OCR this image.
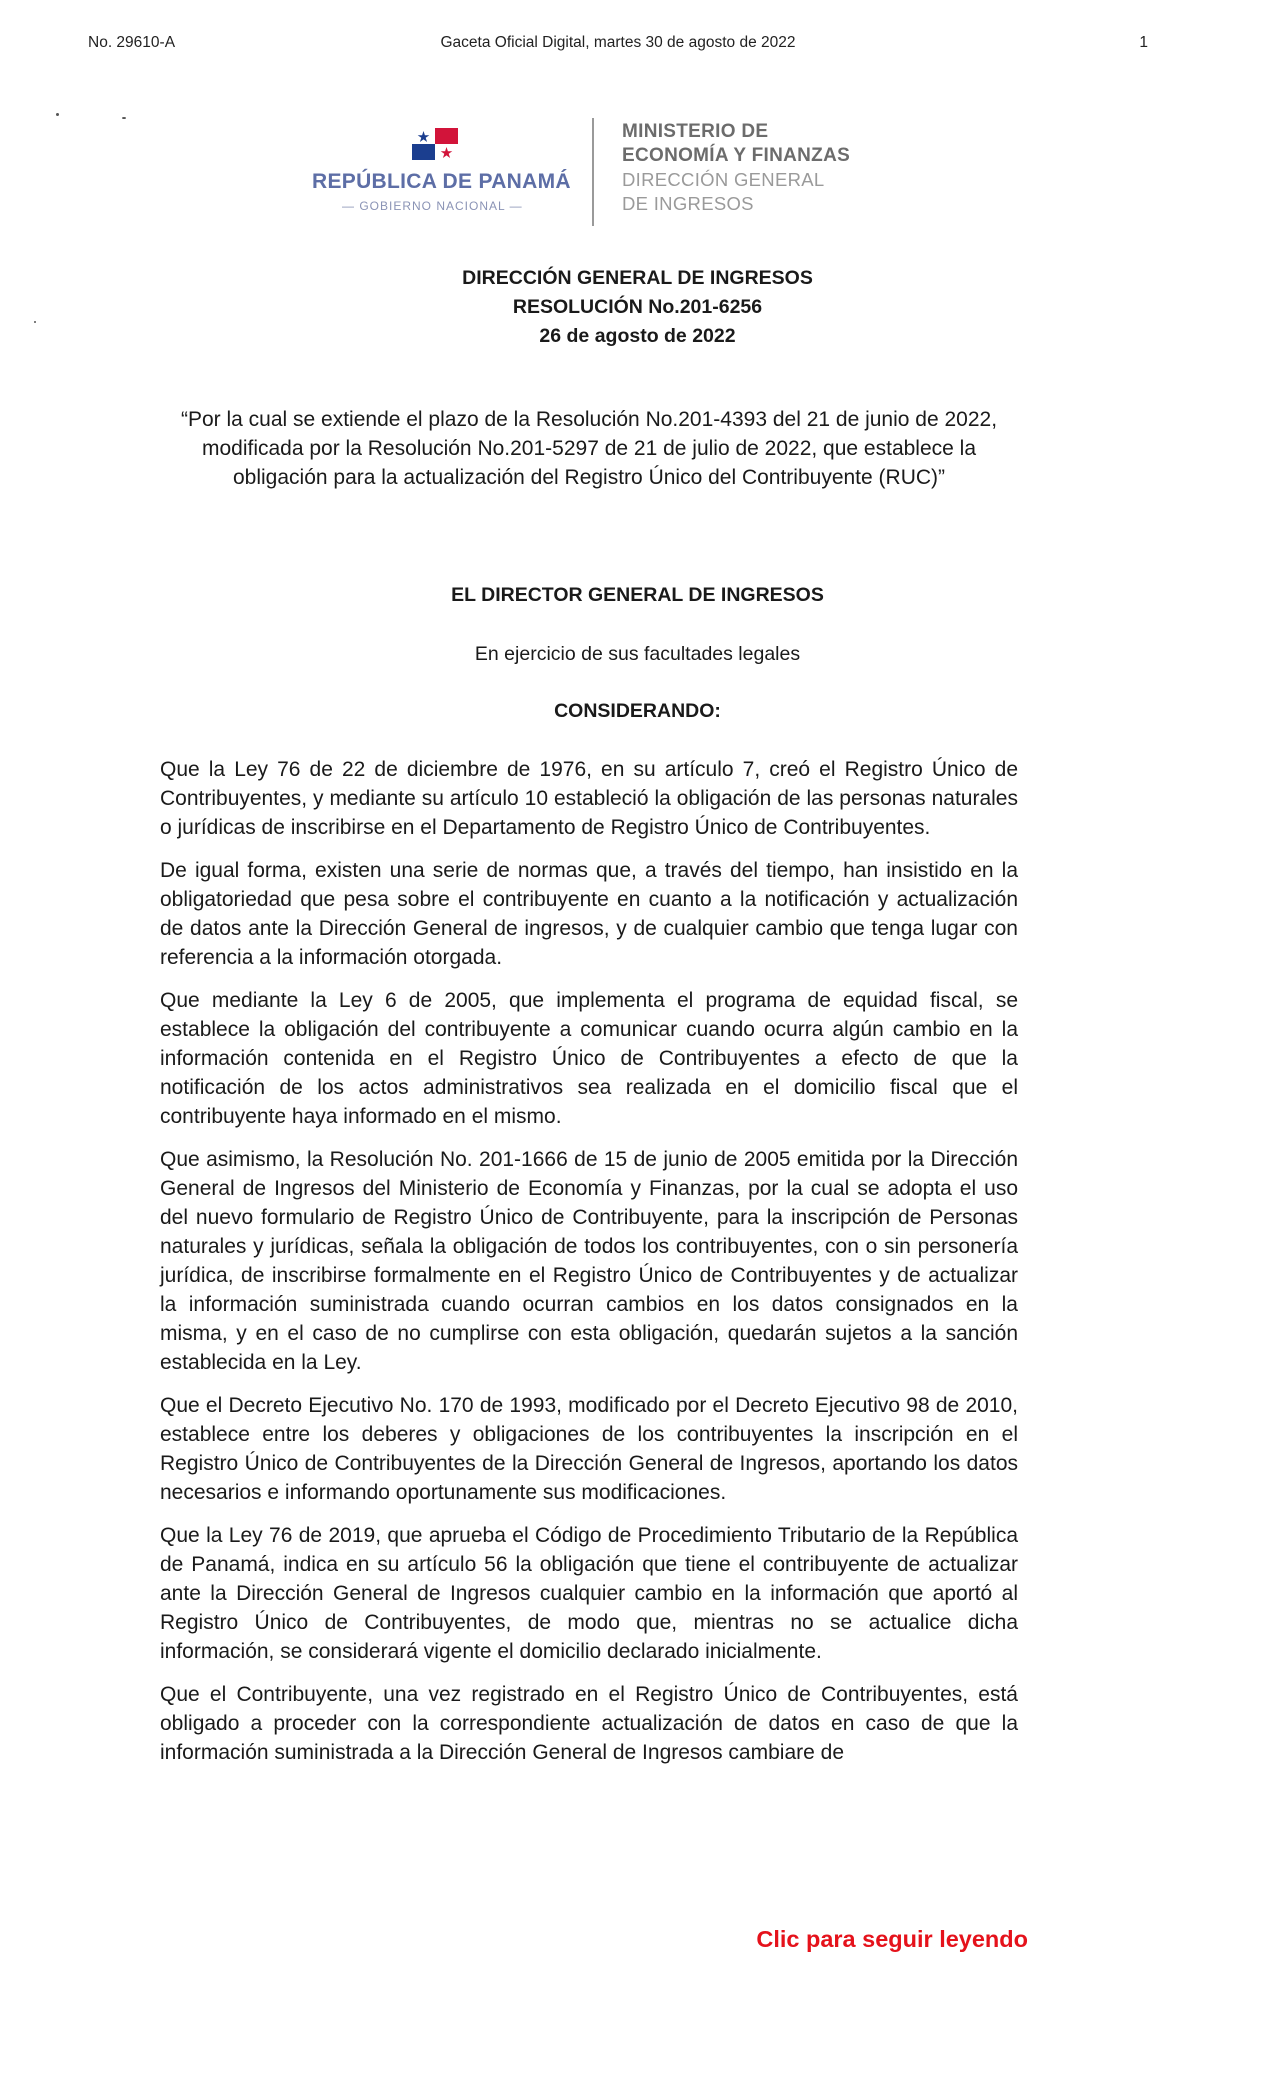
No. 29610-A	Gaceta Oficial Digital, martes 30 de agosto de 2022	1
REPÚBLICA DE PANAMÁ
— GOBIERNO NACIONAL —
MINISTERIO DE
ECONOMÍA Y FINANZAS
DIRECCIÓN GENERAL
DE INGRESOS
DIRECCIÓN GENERAL DE INGRESOS
RESOLUCIÓN No.201-6256
26 de agosto de 2022
“Por la cual se extiende el plazo de la Resolución No.201-4393 del 21 de junio de 2022, modificada por la Resolución No.201-5297 de 21 de julio de 2022, que establece la obligación para la actualización del Registro Único del Contribuyente (RUC)”
EL DIRECTOR GENERAL DE INGRESOS
En ejercicio de sus facultades legales
CONSIDERANDO:

Que la Ley 76 de 22 de diciembre de 1976, en su artículo 7, creó el Registro Único de Contribuyentes, y mediante su artículo 10 estableció la obligación de las personas naturales o jurídicas de inscribirse en el Departamento de Registro Único de Contribuyentes.

De igual forma, existen una serie de normas que, a través del tiempo, han insistido en la obligatoriedad que pesa sobre el contribuyente en cuanto a la notificación y actualización de datos ante la Dirección General de ingresos, y de cualquier cambio que tenga lugar con referencia a la información otorgada.

Que mediante la Ley 6 de 2005, que implementa el programa de equidad fiscal, se establece la obligación del contribuyente a comunicar cuando ocurra algún cambio en la información contenida en el Registro Único de Contribuyentes a efecto de que la notificación de los actos administrativos sea realizada en el domicilio fiscal que el contribuyente haya informado en el mismo.

Que asimismo, la Resolución No. 201-1666 de 15 de junio de 2005 emitida por la Dirección General de Ingresos del Ministerio de Economía y Finanzas, por la cual se adopta el uso del nuevo formulario de Registro Único de Contribuyente, para la inscripción de Personas naturales y jurídicas, señala la obligación de todos los contribuyentes, con o sin personería jurídica, de inscribirse formalmente en el Registro Único de Contribuyentes y de actualizar la información suministrada cuando ocurran cambios en los datos consignados en la misma, y en el caso de no cumplirse con esta obligación, quedarán sujetos a la sanción establecida en la Ley.

Que el Decreto Ejecutivo No. 170 de 1993, modificado por el Decreto Ejecutivo 98 de 2010, establece entre los deberes y obligaciones de los contribuyentes la inscripción en el Registro Único de Contribuyentes de la Dirección General de Ingresos, aportando los datos necesarios e informando oportunamente sus modificaciones.

Que la Ley 76 de 2019, que aprueba el Código de Procedimiento Tributario de la República de Panamá, indica en su artículo 56 la obligación que tiene el contribuyente de actualizar ante la Dirección General de Ingresos cualquier cambio en la información que aportó al Registro Único de Contribuyentes, de modo que, mientras no se actualice dicha información, se considerará vigente el domicilio declarado inicialmente.

Que el Contribuyente, una vez registrado en el Registro Único de Contribuyentes, está obligado a proceder con la correspondiente actualización de datos en caso de que la información suministrada a la Dirección General de Ingresos cambiare de

Clic para seguir leyendo
